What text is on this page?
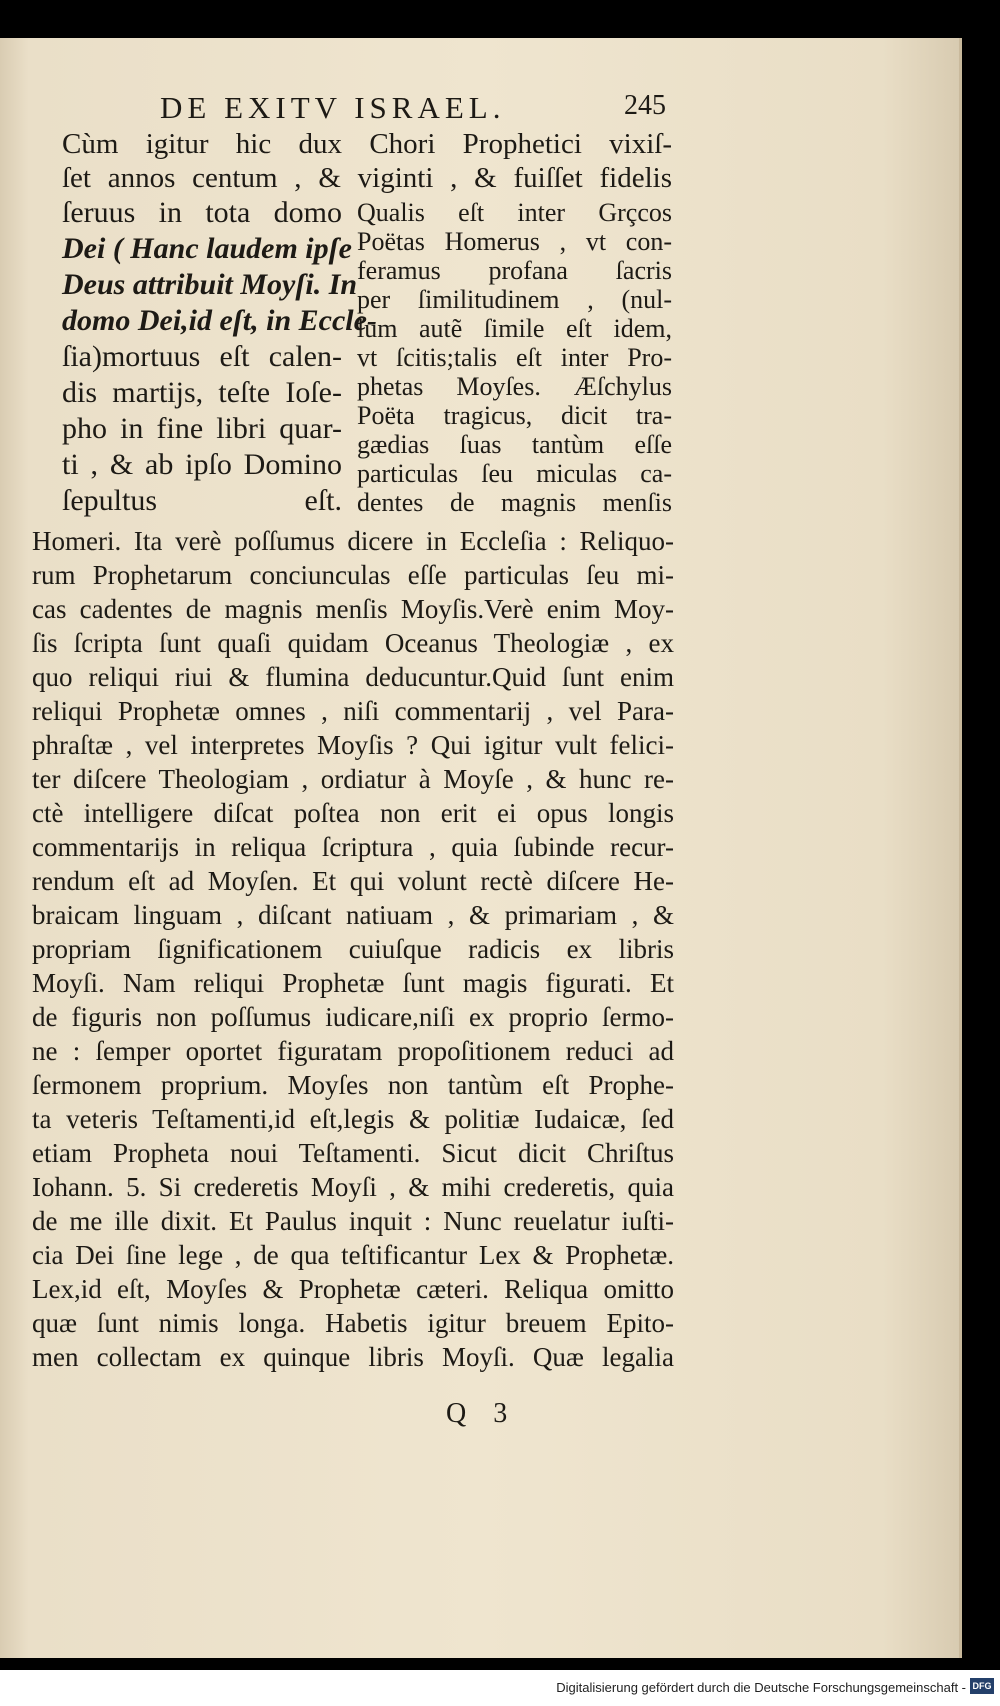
DE EXITV ISRAEL.	245
Cùm igitur hic dux Chori Prophetici vixiſ-
ſet annos centum , & viginti , & fuiſſet fidelis
ſeruus in tota domo
Dei ( Hanc laudem ipſe
Deus attribuit Moyſi. In
domo Dei,id eſt, in Eccle-
ſia)mortuus eſt calen-
dis martijs, teſte Ioſe-
pho in fine libri quar-
ti , & ab ipſo Domino
ſepultus eſt.
Qualis eſt inter Grçcos
Poëtas Homerus , vt con-
feramus profana ſacris
per ſimilitudinem , (nul-
lum autẽ ſimile eſt idem,
vt ſcitis;talis eſt inter Pro-
phetas Moyſes. Æſchylus
Poëta tragicus, dicit tra-
gædias ſuas tantùm eſſe
particulas ſeu miculas ca-
dentes de magnis menſis
Homeri. Ita verè poſſumus dicere in Eccleſia : Reliquo-
rum Prophetarum conciunculas eſſe particulas ſeu mi-
cas cadentes de magnis menſis Moyſis.Verè enim Moy-
ſis ſcripta ſunt quaſi quidam Oceanus Theologiæ , ex
quo reliqui riui & flumina deducuntur.Quid ſunt enim
reliqui Prophetæ omnes , niſi commentarij , vel Para-
phraſtæ , vel interpretes Moyſis ? Qui igitur vult felici-
ter diſcere Theologiam , ordiatur à Moyſe , & hunc re-
ctè intelligere diſcat poſtea non erit ei opus longis
commentarijs in reliqua ſcriptura , quia ſubinde recur-
rendum eſt ad Moyſen. Et qui volunt rectè diſcere He-
braicam linguam , diſcant natiuam , & primariam , &
propriam ſignificationem cuiuſque radicis ex libris
Moyſi. Nam reliqui Prophetæ ſunt magis figurati. Et
de figuris non poſſumus iudicare,niſi ex proprio ſermo-
ne : ſemper oportet figuratam propoſitionem reduci ad
ſermonem proprium. Moyſes non tantùm eſt Prophe-
ta veteris Teſtamenti,id eſt,legis & politiæ Iudaicæ, ſed
etiam Propheta noui Teſtamenti. Sicut dicit Chriſtus
Iohann. 5. Si crederetis Moyſi , & mihi crederetis, quia
de me ille dixit. Et Paulus inquit : Nunc reuelatur iuſti-
cia Dei ſine lege , de qua teſtificantur Lex & Prophetæ.
Lex,id eſt, Moyſes & Prophetæ cæteri. Reliqua omitto
quæ ſunt nimis longa. Habetis igitur breuem Epito-
men collectam ex quinque libris Moyſi. Quæ legalia
Q 3
Digitalisierung gefördert durch die Deutsche Forschungsgemeinschaft - DFG
